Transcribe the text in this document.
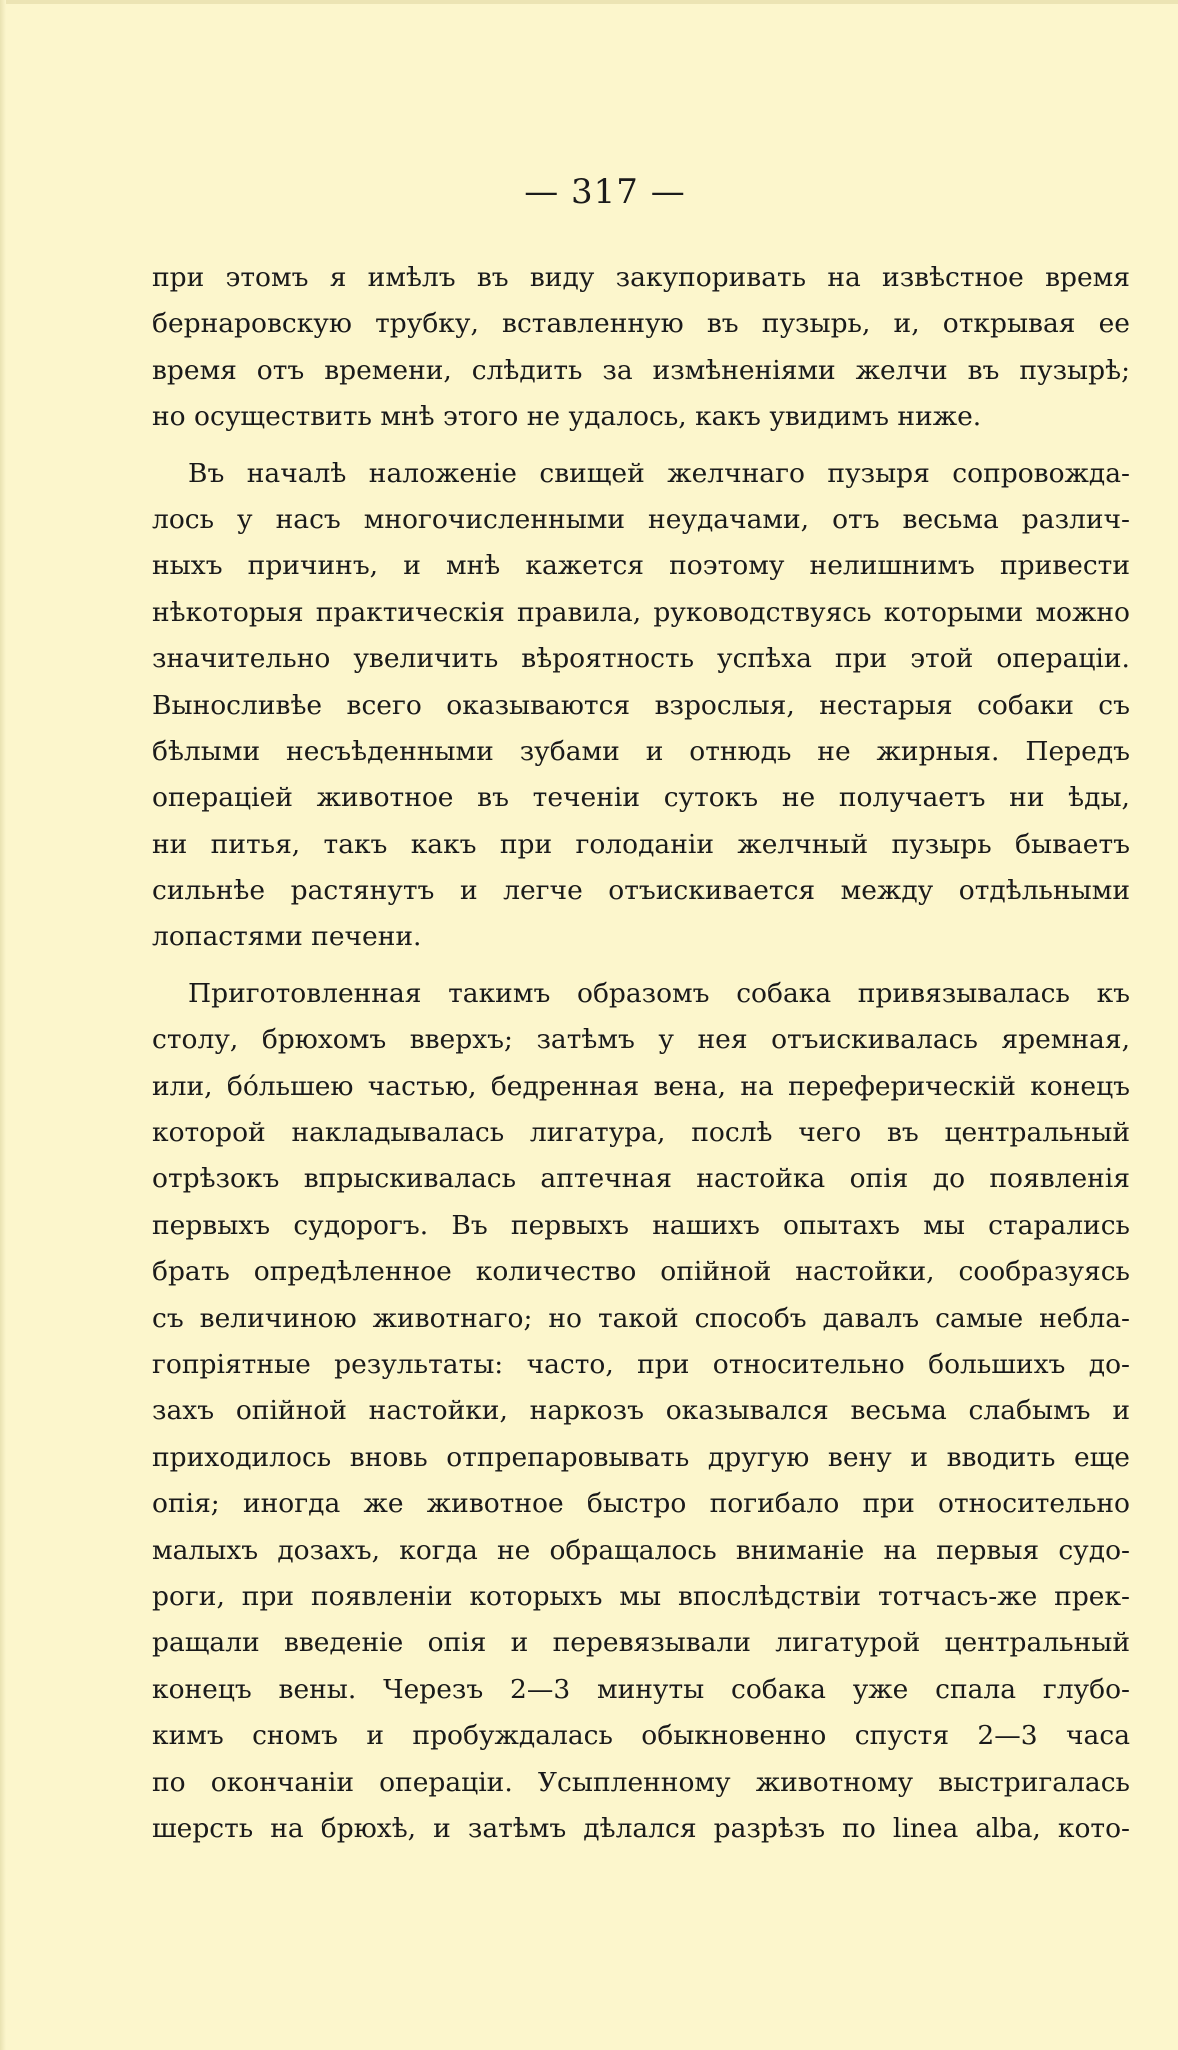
— 317 —
при этомъ я имѣлъ въ виду закупоривать на извѣстное время
бернаровскую трубку, вставленную въ пузырь, и, открывая ее
время отъ времени, слѣдить за измѣненіями желчи въ пузырѣ;
но осуществить мнѣ этого не удалось, какъ увидимъ ниже.
Въ началѣ наложеніе свищей желчнаго пузыря сопровожда-
лось у насъ многочисленными неудачами, отъ весьма различ-
ныхъ причинъ, и мнѣ кажется поэтому нелишнимъ привести
нѣкоторыя практическія правила, руководствуясь которыми можно
значительно увеличить вѣроятность успѣха при этой операціи.
Выносливѣе всего оказываются взрослыя, нестарыя собаки съ
бѣлыми несъѣденными зубами и отнюдь не жирныя. Передъ
операціей животное въ теченіи сутокъ не получаетъ ни ѣды,
ни питья, такъ какъ при голоданіи желчный пузырь бываетъ
сильнѣе растянутъ и легче отъискивается между отдѣльными
лопастями печени.
Приготовленная такимъ образомъ собака привязывалась къ
столу, брюхомъ вверхъ; затѣмъ у нея отъискивалась яремная,
или, бо́льшею частью, бедренная вена, на переферическій конецъ
которой накладывалась лигатура, послѣ чего въ центральный
отрѣзокъ впрыскивалась аптечная настойка опія до появленія
первыхъ судорогъ. Въ первыхъ нашихъ опытахъ мы старались
брать опредѣленное количество опійной настойки, сообразуясь
съ величиною животнаго; но такой способъ давалъ самые небла-
гопріятные результаты: часто, при относительно большихъ до-
захъ опійной настойки, наркозъ оказывался весьма слабымъ и
приходилось вновь отпрепаровывать другую вену и вводить еще
опія; иногда же животное быстро погибало при относительно
малыхъ дозахъ, когда не обращалось вниманіе на первыя судо-
роги, при появленіи которыхъ мы впослѣдствіи тотчасъ-же прек-
ращали введеніе опія и перевязывали лигатурой центральный
конецъ вены. Черезъ 2—3 минуты собака уже спала глубо-
кимъ сномъ и пробуждалась обыкновенно спустя 2—3 часа
по окончаніи операціи. Усыпленному животному выстригалась
шерсть на брюхѣ, и затѣмъ дѣлался разрѣзъ по linea alba, кото-
